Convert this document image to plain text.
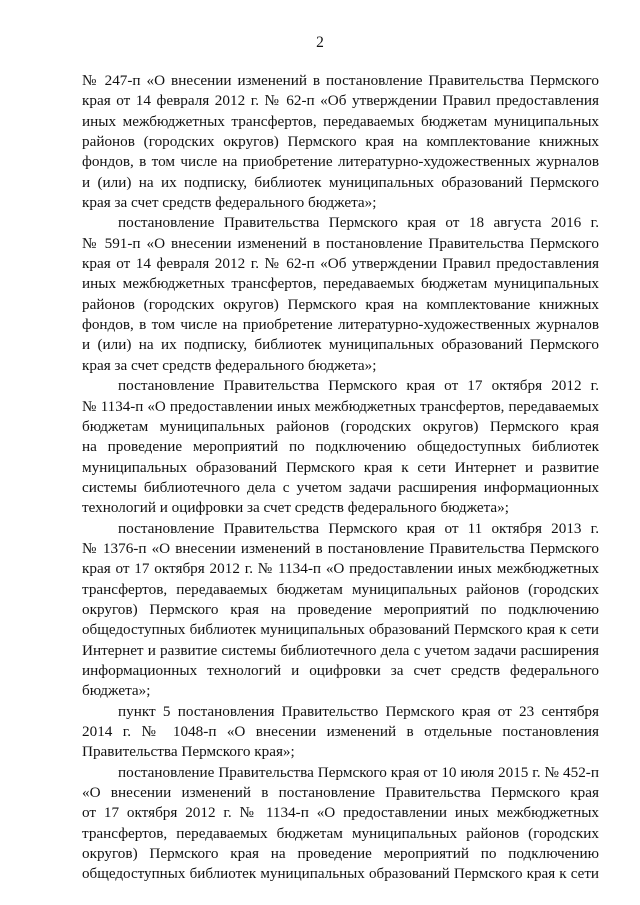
2
№ 247-п «О внесении изменений в постановление Правительства Пермского
края от 14 февраля 2012 г. № 62-п «Об утверждении Правил предоставления
иных межбюджетных трансфертов, передаваемых бюджетам муниципальных
районов (городских округов) Пермского края на комплектование книжных
фондов, в том числе на приобретение литературно-художественных журналов
и (или) на их подписку, библиотек муниципальных образований Пермского
края за счет средств федерального бюджета»;
постановление Правительства Пермского края от 18 августа 2016 г.
№ 591-п «О внесении изменений в постановление Правительства Пермского
края от 14 февраля 2012 г. № 62-п «Об утверждении Правил предоставления
иных межбюджетных трансфертов, передаваемых бюджетам муниципальных
районов (городских округов) Пермского края на комплектование книжных
фондов, в том числе на приобретение литературно-художественных журналов
и (или) на их подписку, библиотек муниципальных образований Пермского
края за счет средств федерального бюджета»;
постановление Правительства Пермского края от 17 октября 2012 г.
№ 1134-п «О предоставлении иных межбюджетных трансфертов, передаваемых
бюджетам муниципальных районов (городских округов) Пермского края
на проведение мероприятий по подключению общедоступных библиотек
муниципальных образований Пермского края к сети Интернет и развитие
системы библиотечного дела с учетом задачи расширения информационных
технологий и оцифровки за счет средств федерального бюджета»;
постановление Правительства Пермского края от 11 октября 2013 г.
№ 1376-п «О внесении изменений в постановление Правительства Пермского
края от 17 октября 2012 г. № 1134-п «О предоставлении иных межбюджетных
трансфертов, передаваемых бюджетам муниципальных районов (городских
округов) Пермского края на проведение мероприятий по подключению
общедоступных библиотек муниципальных образований Пермского края к сети
Интернет и развитие системы библиотечного дела с учетом задачи расширения
информационных технологий и оцифровки за счет средств федерального
бюджета»;
пункт 5 постановления Правительство Пермского края от 23 сентября
2014 г. № 1048-п «О внесении изменений в отдельные постановления
Правительства Пермского края»;
постановление Правительства Пермского края от 10 июля 2015 г. № 452-п
«О внесении изменений в постановление Правительства Пермского края
от 17 октября 2012 г. № 1134-п «О предоставлении иных межбюджетных
трансфертов, передаваемых бюджетам муниципальных районов (городских
округов) Пермского края на проведение мероприятий по подключению
общедоступных библиотек муниципальных образований Пермского края к сети
